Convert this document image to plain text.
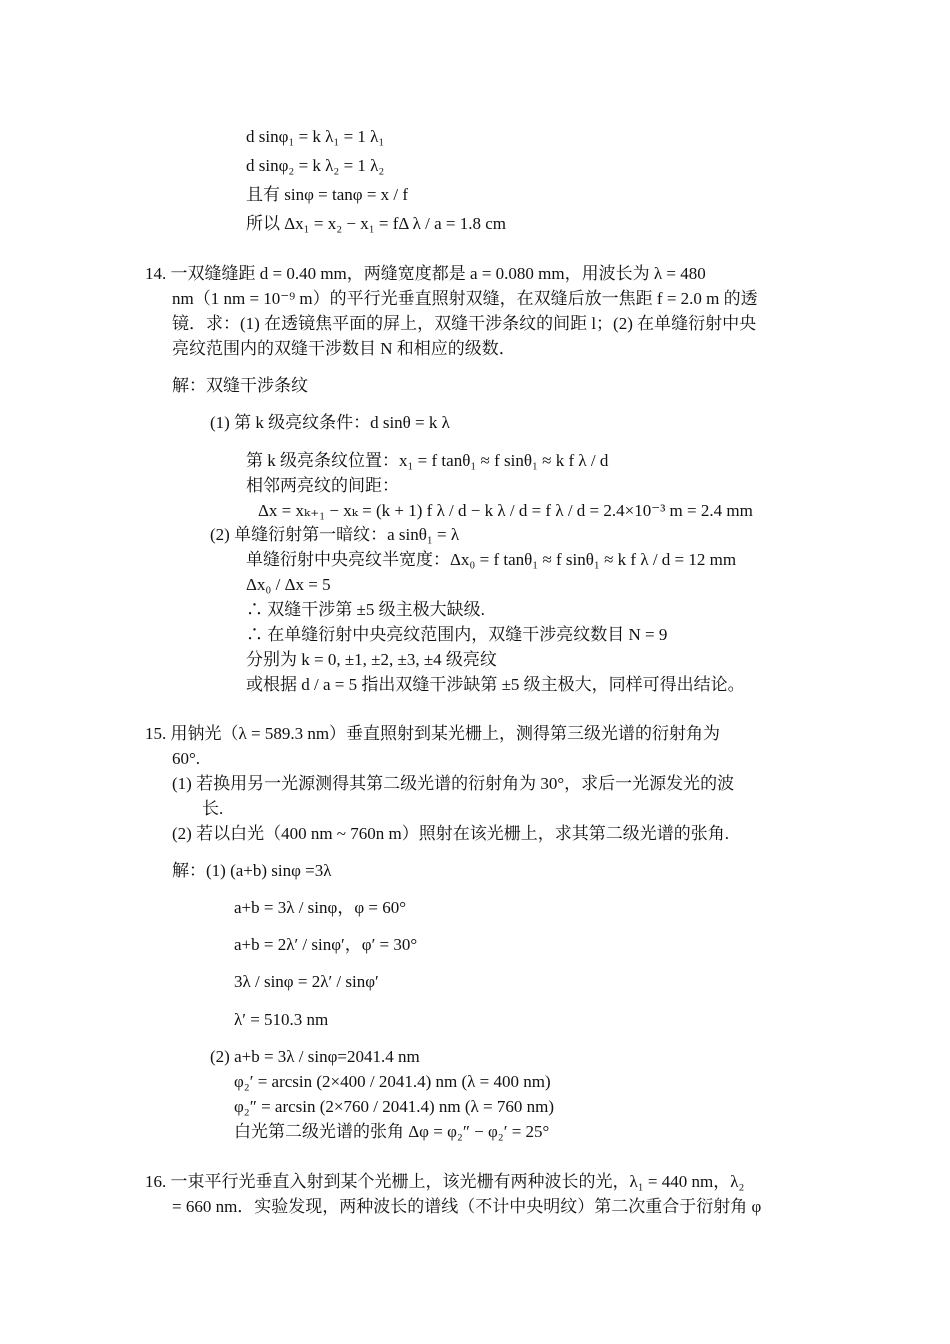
d sinφ₁ = k λ₁ = 1 λ₁
d sinφ₂ = k λ₂ = 1 λ₂
且有 sinφ = tanφ = x / f
所以 Δx₁ = x₂ − x₁ = fΔ λ / a = 1.8 cm
14. 一双缝缝距 d = 0.40 mm，两缝宽度都是 a = 0.080 mm，用波长为 λ = 480
nm（1 nm = 10⁻⁹ m）的平行光垂直照射双缝，在双缝后放一焦距 f = 2.0 m 的透
镜．求：(1) 在透镜焦平面的屏上，双缝干涉条纹的间距 l；(2) 在单缝衍射中央
亮纹范围内的双缝干涉数目 N 和相应的级数．
解：双缝干涉条纹
(1) 第 k 级亮纹条件：d sinθ = k λ
第 k 级亮条纹位置：x₁ = f tanθ₁ ≈ f sinθ₁ ≈ k f λ / d
相邻两亮纹的间距：
Δx = xₖ₊₁ − xₖ = (k + 1) f λ / d − k λ / d = f λ / d = 2.4×10⁻³ m = 2.4 mm
(2) 单缝衍射第一暗纹：a sinθ₁ = λ
单缝衍射中央亮纹半宽度：Δx₀ = f tanθ₁ ≈ f sinθ₁ ≈ k f λ / d = 12 mm
Δx₀ / Δx = 5
∴ 双缝干涉第 ±5 级主极大缺级.
∴ 在单缝衍射中央亮纹范围内，双缝干涉亮纹数目 N = 9
分别为 k = 0, ±1, ±2, ±3, ±4 级亮纹
或根据 d / a = 5 指出双缝干涉缺第 ±5 级主极大，同样可得出结论。
15. 用钠光（λ = 589.3 nm）垂直照射到某光栅上，测得第三级光谱的衍射角为
60°.
(1) 若换用另一光源测得其第二级光谱的衍射角为 30°，求后一光源发光的波
长.
(2) 若以白光（400 nm ~ 760n m）照射在该光栅上，求其第二级光谱的张角.
解：(1) (a+b) sinφ =3λ
a+b = 3λ / sinφ，φ = 60°
a+b = 2λ′ / sinφ′，φ′ = 30°
3λ / sinφ = 2λ′ / sinφ′
λ′ = 510.3 nm
(2) a+b = 3λ / sinφ=2041.4 nm
φ₂′ = arcsin (2×400 / 2041.4) nm (λ = 400 nm)
φ₂″ = arcsin (2×760 / 2041.4) nm (λ = 760 nm)
白光第二级光谱的张角 Δφ = φ₂″ − φ₂′ = 25°
16. 一束平行光垂直入射到某个光栅上，该光栅有两种波长的光，λ₁ = 440 nm，λ₂
= 660 nm．实验发现，两种波长的谱线（不计中央明纹）第二次重合于衍射角 φ
